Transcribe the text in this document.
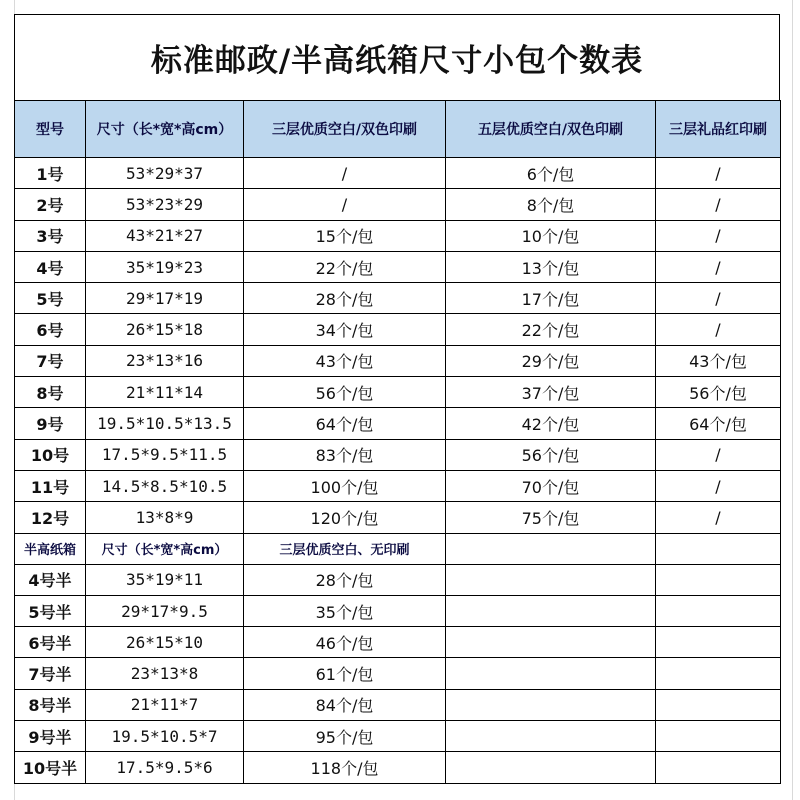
标准邮政/半高纸箱尺寸小包个数表
型号	尺寸（长*宽*高cm）	三层优质空白/双色印刷	五层优质空白/双色印刷	三层礼品红印刷
1号	53*29*37	/	6个/包	/
2号	53*23*29	/	8个/包	/
3号	43*21*27	15个/包	10个/包	/
4号	35*19*23	22个/包	13个/包	/
5号	29*17*19	28个/包	17个/包	/
6号	26*15*18	34个/包	22个/包	/
7号	23*13*16	43个/包	29个/包	43个/包
8号	21*11*14	56个/包	37个/包	56个/包
9号	19.5*10.5*13.5	64个/包	42个/包	64个/包
10号	17.5*9.5*11.5	83个/包	56个/包	/
11号	14.5*8.5*10.5	100个/包	70个/包	/
12号	13*8*9	120个/包	75个/包	/
半高纸箱	尺寸（长*宽*高cm）	三层优质空白、无印刷		
4号半	35*19*11	28个/包		
5号半	29*17*9.5	35个/包		
6号半	26*15*10	46个/包		
7号半	23*13*8	61个/包		
8号半	21*11*7	84个/包		
9号半	19.5*10.5*7	95个/包		
10号半	17.5*9.5*6	118个/包		
